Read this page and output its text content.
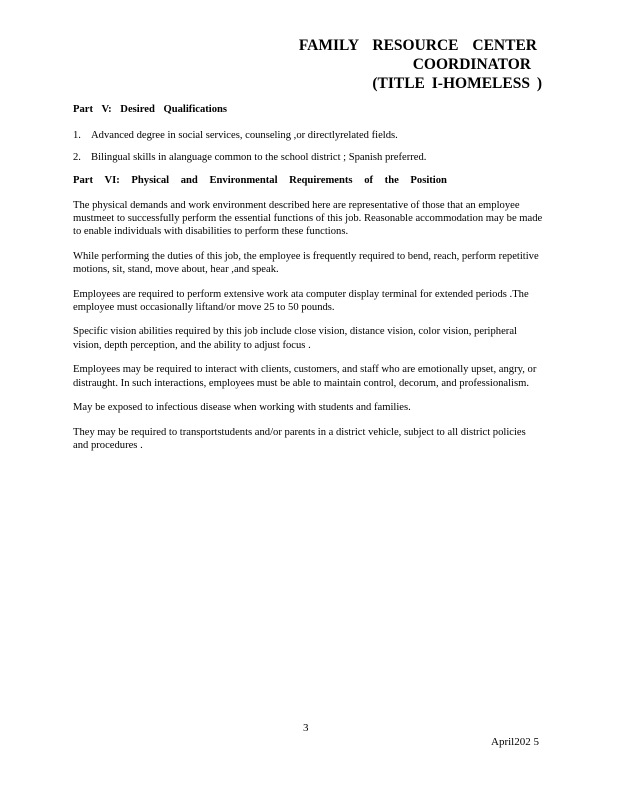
FAMILY RESOURCE CENTER
COORDINATOR
(TITLE I-HOMELESS )

Part V: Desired Qualifications

1. Advanced degree in social services, counseling ,or directlyrelated fields.

2. Bilingual skills in alanguage common to the school district ; Spanish preferred.

Part VI: Physical and Environmental Requirements of the Position

The physical demands and work environment described here are representative of those that an employee mustmeet to successfully perform the essential functions of this job. Reasonable accommodation may be made to enable individuals with disabilities to perform these functions.

While performing the duties of this job, the employee is frequently required to bend, reach, perform repetitive motions, sit, stand, move about, hear ,and speak.

Employees are required to perform extensive work ata computer display terminal for extended periods .The employee must occasionally liftand/or move 25 to 50 pounds.

Specific vision abilities required by this job include close vision, distance vision, color vision, peripheral vision, depth perception, and the ability to adjust focus .

Employees may be required to interact with clients, customers, and staff who are emotionally upset, angry, or distraught. In such interactions, employees must be able to maintain control, decorum, and professionalism.

May be exposed to infectious disease when working with students and families.

They may be required to transportstudents and/or parents in a district vehicle, subject to all district policies and procedures .

3
April202 5
